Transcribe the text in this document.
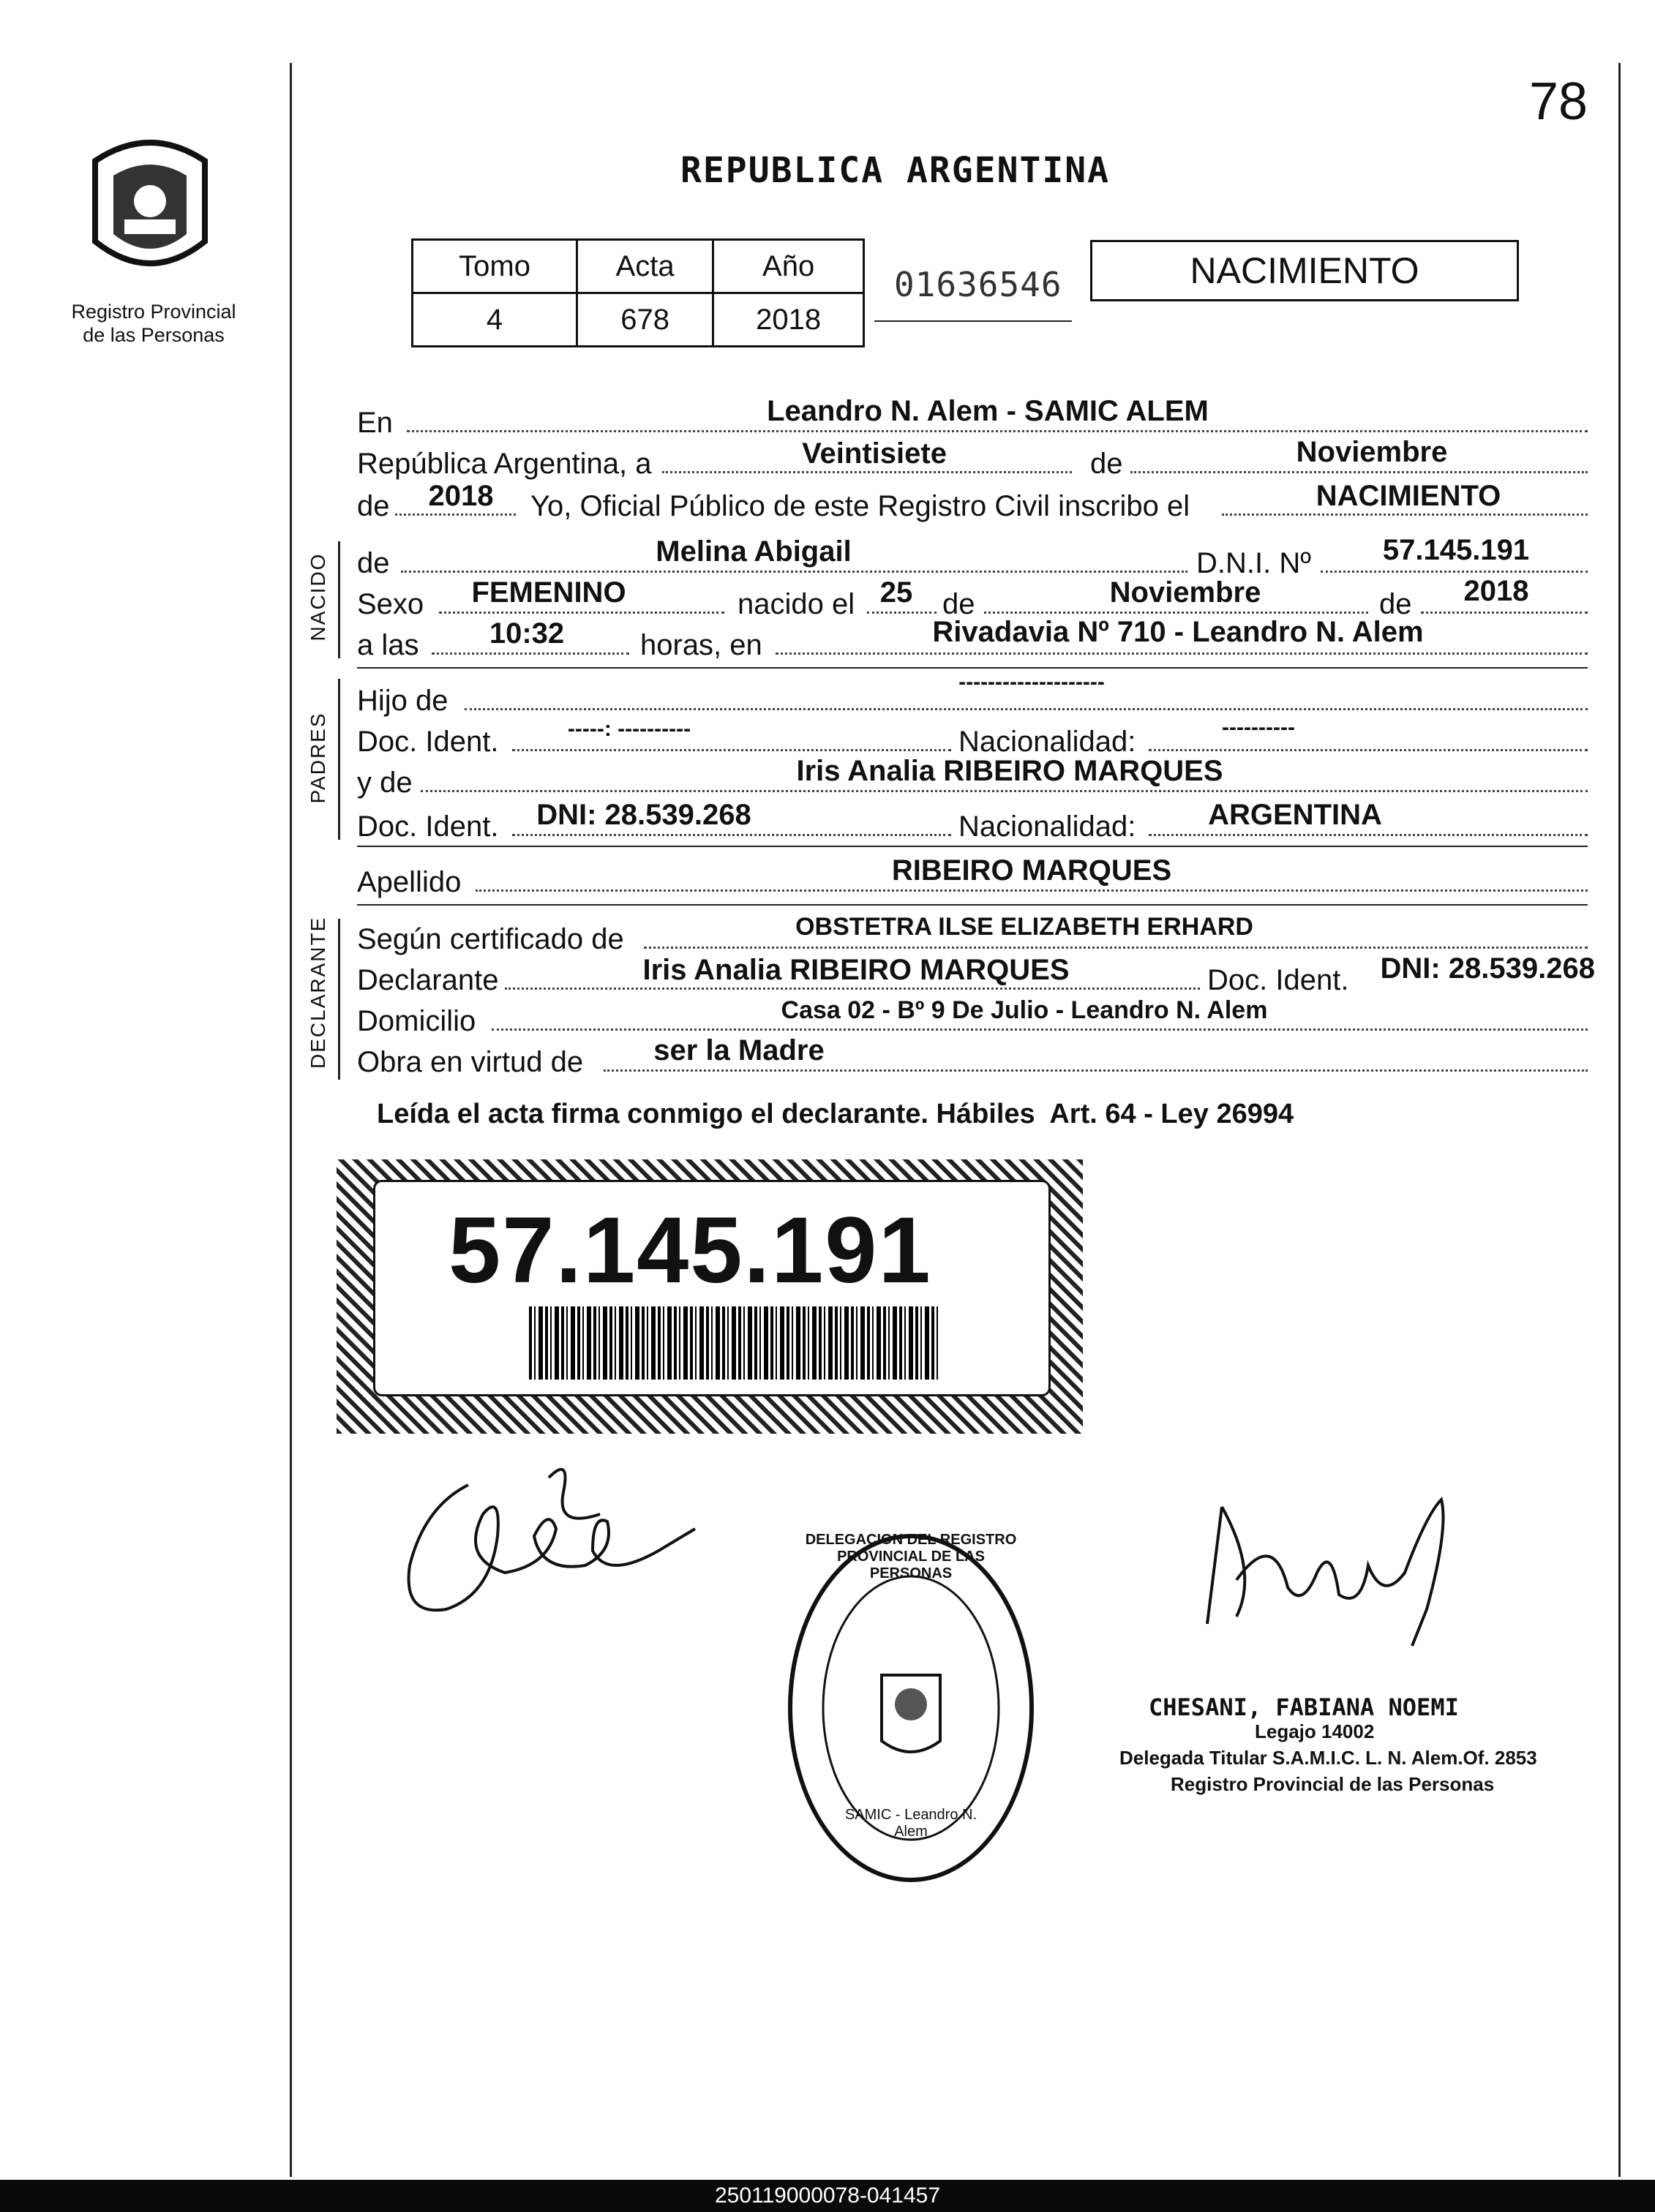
78
Registro Provincial
de las Personas
REPUBLICA ARGENTINA
Tomo	Acta	Año
4	678	2018
01636546	NACIMIENTO
En	Leandro N. Alem - SAMIC ALEM
República Argentina, a	Veintisiete	de	Noviembre
de	2018	Yo, Oficial Público de este Registro Civil inscribo el	NACIMIENTO
NACIDO de	Melina Abigail	D.N.I. Nº	57.145.191
Sexo	FEMENINO	nacido el 25	de	Noviembre	de	2018
a las	10:32	horas, en	Rivadavia Nº 710 - Leandro N. Alem
PADRES
Hijo de
--------------------
Doc. Ident.	-----: ----------	Nacionalidad:	----------
y de	Iris Analia RIBEIRO MARQUES
Doc. Ident.	DNI: 28.539.268	Nacionalidad:	ARGENTINA
Apellido	RIBEIRO MARQUES
DECLARANTE Según certificado de	OBSTETRA ILSE ELIZABETH ERHARD
Declarante	Iris Analia RIBEIRO MARQUES	Doc. Ident.	DNI: 28.539.268
Domicilio	Casa 02 - Bº 9 De Julio - Leandro N. Alem
Obra en virtud de	ser la Madre
Leída el acta firma conmigo el declarante. Hábiles  Art. 64 - Ley 26994
57.145.191
DELEGACION DEL REGISTRO PROVINCIAL DE LAS PERSONAS
SAMIC - Leandro N. Alem
CHESANI, FABIANA NOEMI
Legajo 14002
Delegada Titular S.A.M.I.C. L. N. Alem.Of. 2853
Registro Provincial de las Personas
250119000078-041457
